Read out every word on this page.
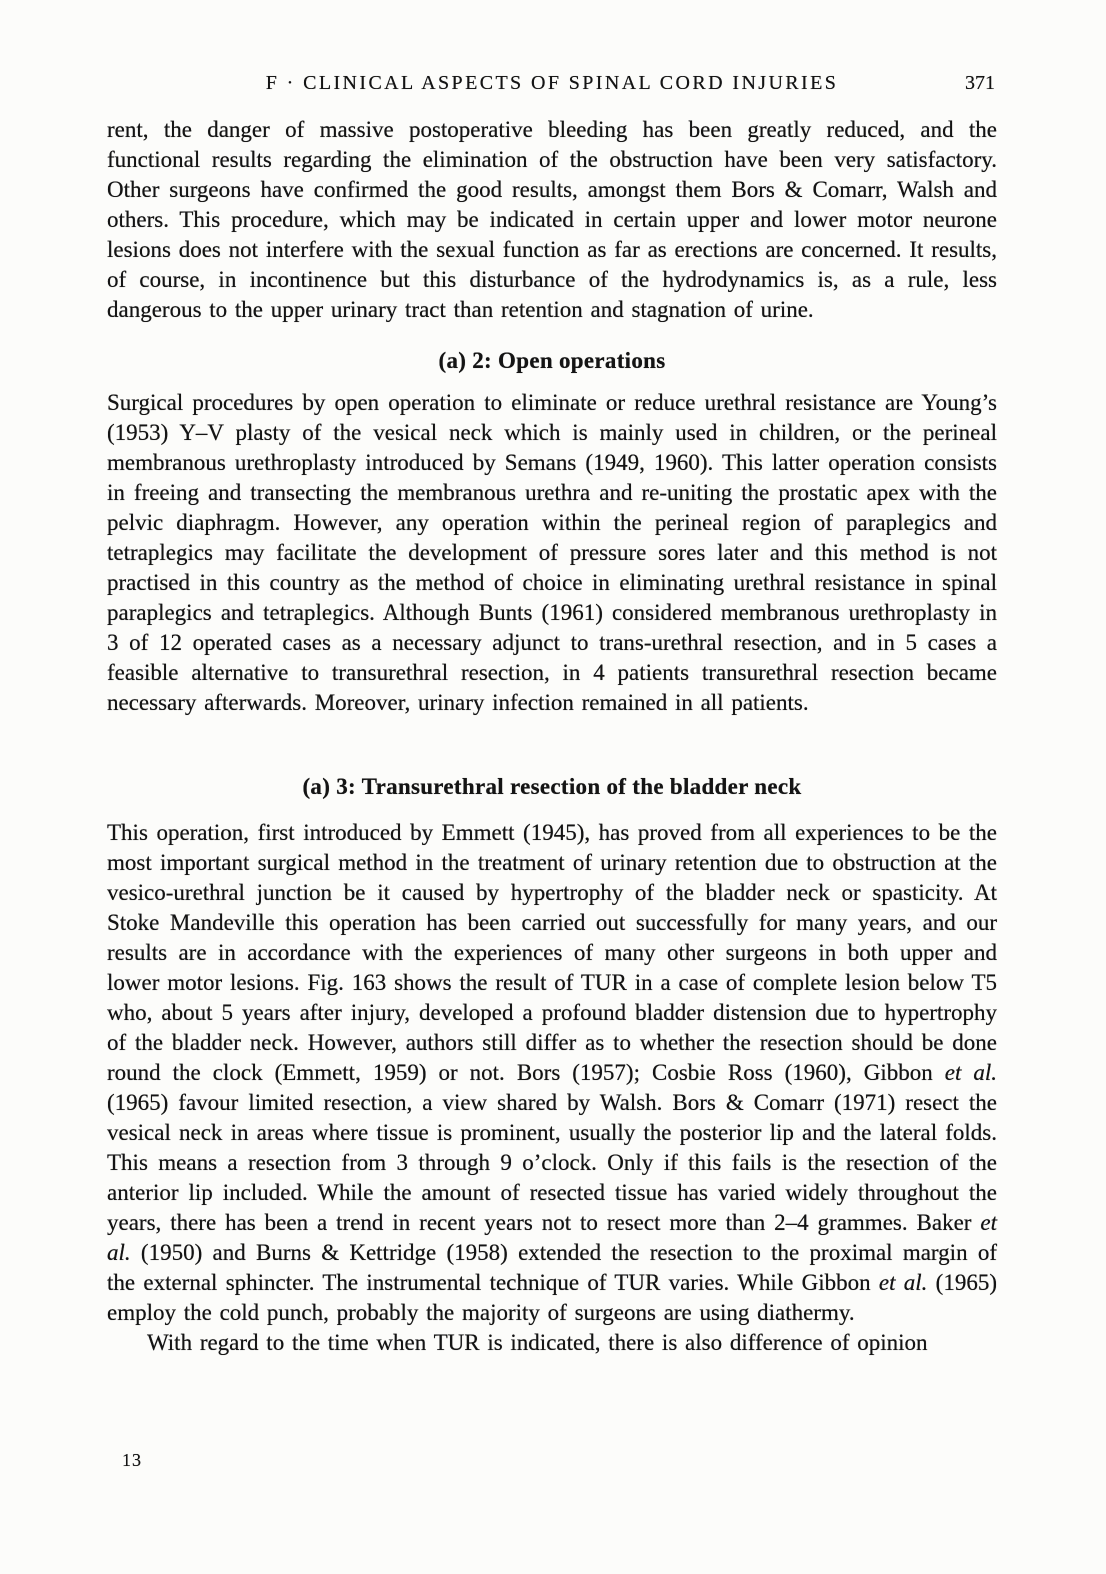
F · CLINICAL ASPECTS OF SPINAL CORD INJURIES	371

rent, the danger of massive postoperative bleeding has been greatly reduced, and the functional results regarding the elimination of the obstruction have been very satisfactory. Other surgeons have confirmed the good results, amongst them Bors & Comarr, Walsh and others. This procedure, which may be indicated in certain upper and lower motor neurone lesions does not interfere with the sexual function as far as erections are concerned. It results, of course, in incontinence but this disturbance of the hydrodynamics is, as a rule, less dangerous to the upper urinary tract than retention and stagnation of urine.

(a) 2: Open operations

Surgical procedures by open operation to eliminate or reduce urethral resistance are Young’s (1953) Y–V plasty of the vesical neck which is mainly used in children, or the perineal membranous urethroplasty introduced by Semans (1949, 1960). This latter operation consists in freeing and transecting the membranous urethra and re-uniting the prostatic apex with the pelvic diaphragm. However, any operation within the perineal region of paraplegics and tetraplegics may facilitate the development of pressure sores later and this method is not practised in this country as the method of choice in eliminating urethral resistance in spinal paraplegics and tetraplegics. Although Bunts (1961) considered membranous urethroplasty in 3 of 12 operated cases as a necessary adjunct to trans-urethral resection, and in 5 cases a feasible alternative to transurethral resection, in 4 patients transurethral resection became necessary afterwards. Moreover, urinary infection remained in all patients.

(a) 3: Transurethral resection of the bladder neck

This operation, first introduced by Emmett (1945), has proved from all experiences to be the most important surgical method in the treatment of urinary retention due to obstruction at the vesico-urethral junction be it caused by hypertrophy of the bladder neck or spasticity. At Stoke Mandeville this operation has been carried out successfully for many years, and our results are in accordance with the experiences of many other surgeons in both upper and lower motor lesions. Fig. 163 shows the result of TUR in a case of complete lesion below T5 who, about 5 years after injury, developed a profound bladder distension due to hypertrophy of the bladder neck. However, authors still differ as to whether the resection should be done round the clock (Emmett, 1959) or not. Bors (1957); Cosbie Ross (1960), Gibbon et al. (1965) favour limited resection, a view shared by Walsh. Bors & Comarr (1971) resect the vesical neck in areas where tissue is prominent, usually the posterior lip and the lateral folds. This means a resection from 3 through 9 o’clock. Only if this fails is the resection of the anterior lip included. While the amount of resected tissue has varied widely throughout the years, there has been a trend in recent years not to resect more than 2–4 grammes. Baker et al. (1950) and Burns & Kettridge (1958) extended the resection to the proximal margin of the external sphincter. The instrumental technique of TUR varies. While Gibbon et al. (1965) employ the cold punch, probably the majority of surgeons are using diathermy.

With regard to the time when TUR is indicated, there is also difference of opinion

13
